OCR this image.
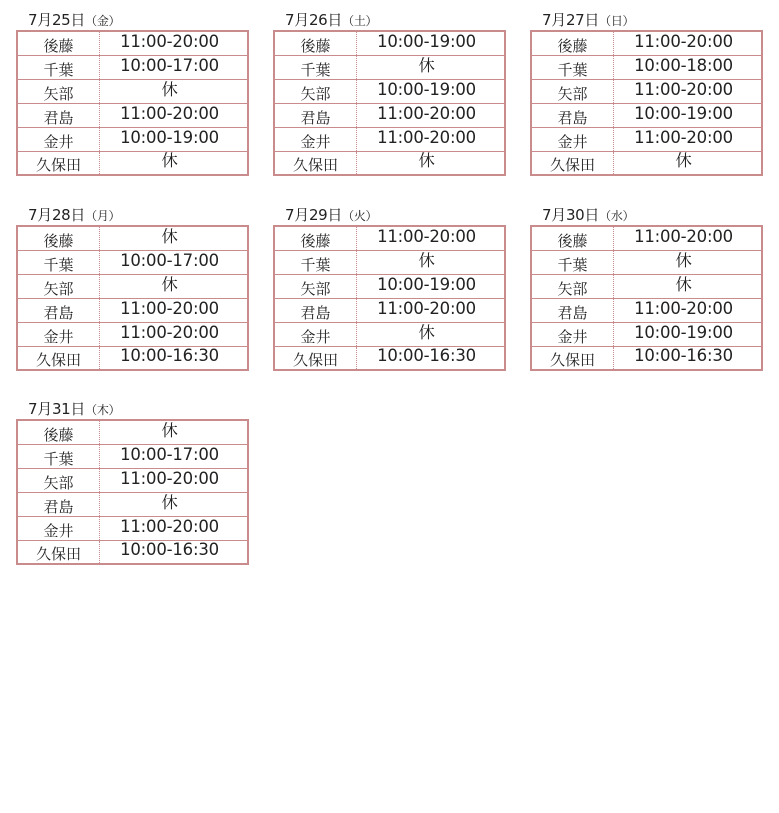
7月25日（金）
後藤	11:00-20:00
千葉	10:00-17:00
矢部	休
君島	11:00-20:00
金井	10:00-19:00
久保田	休
7月26日（土）
後藤	10:00-19:00
千葉	休
矢部	10:00-19:00
君島	11:00-20:00
金井	11:00-20:00
久保田	休
7月27日（日）
後藤	11:00-20:00
千葉	10:00-18:00
矢部	11:00-20:00
君島	10:00-19:00
金井	11:00-20:00
久保田	休
7月28日（月）
後藤	休
千葉	10:00-17:00
矢部	休
君島	11:00-20:00
金井	11:00-20:00
久保田	10:00-16:30
7月29日（火）
後藤	11:00-20:00
千葉	休
矢部	10:00-19:00
君島	11:00-20:00
金井	休
久保田	10:00-16:30
7月30日（水）
後藤	11:00-20:00
千葉	休
矢部	休
君島	11:00-20:00
金井	10:00-19:00
久保田	10:00-16:30
7月31日（木）
後藤	休
千葉	10:00-17:00
矢部	11:00-20:00
君島	休
金井	11:00-20:00
久保田	10:00-16:30
